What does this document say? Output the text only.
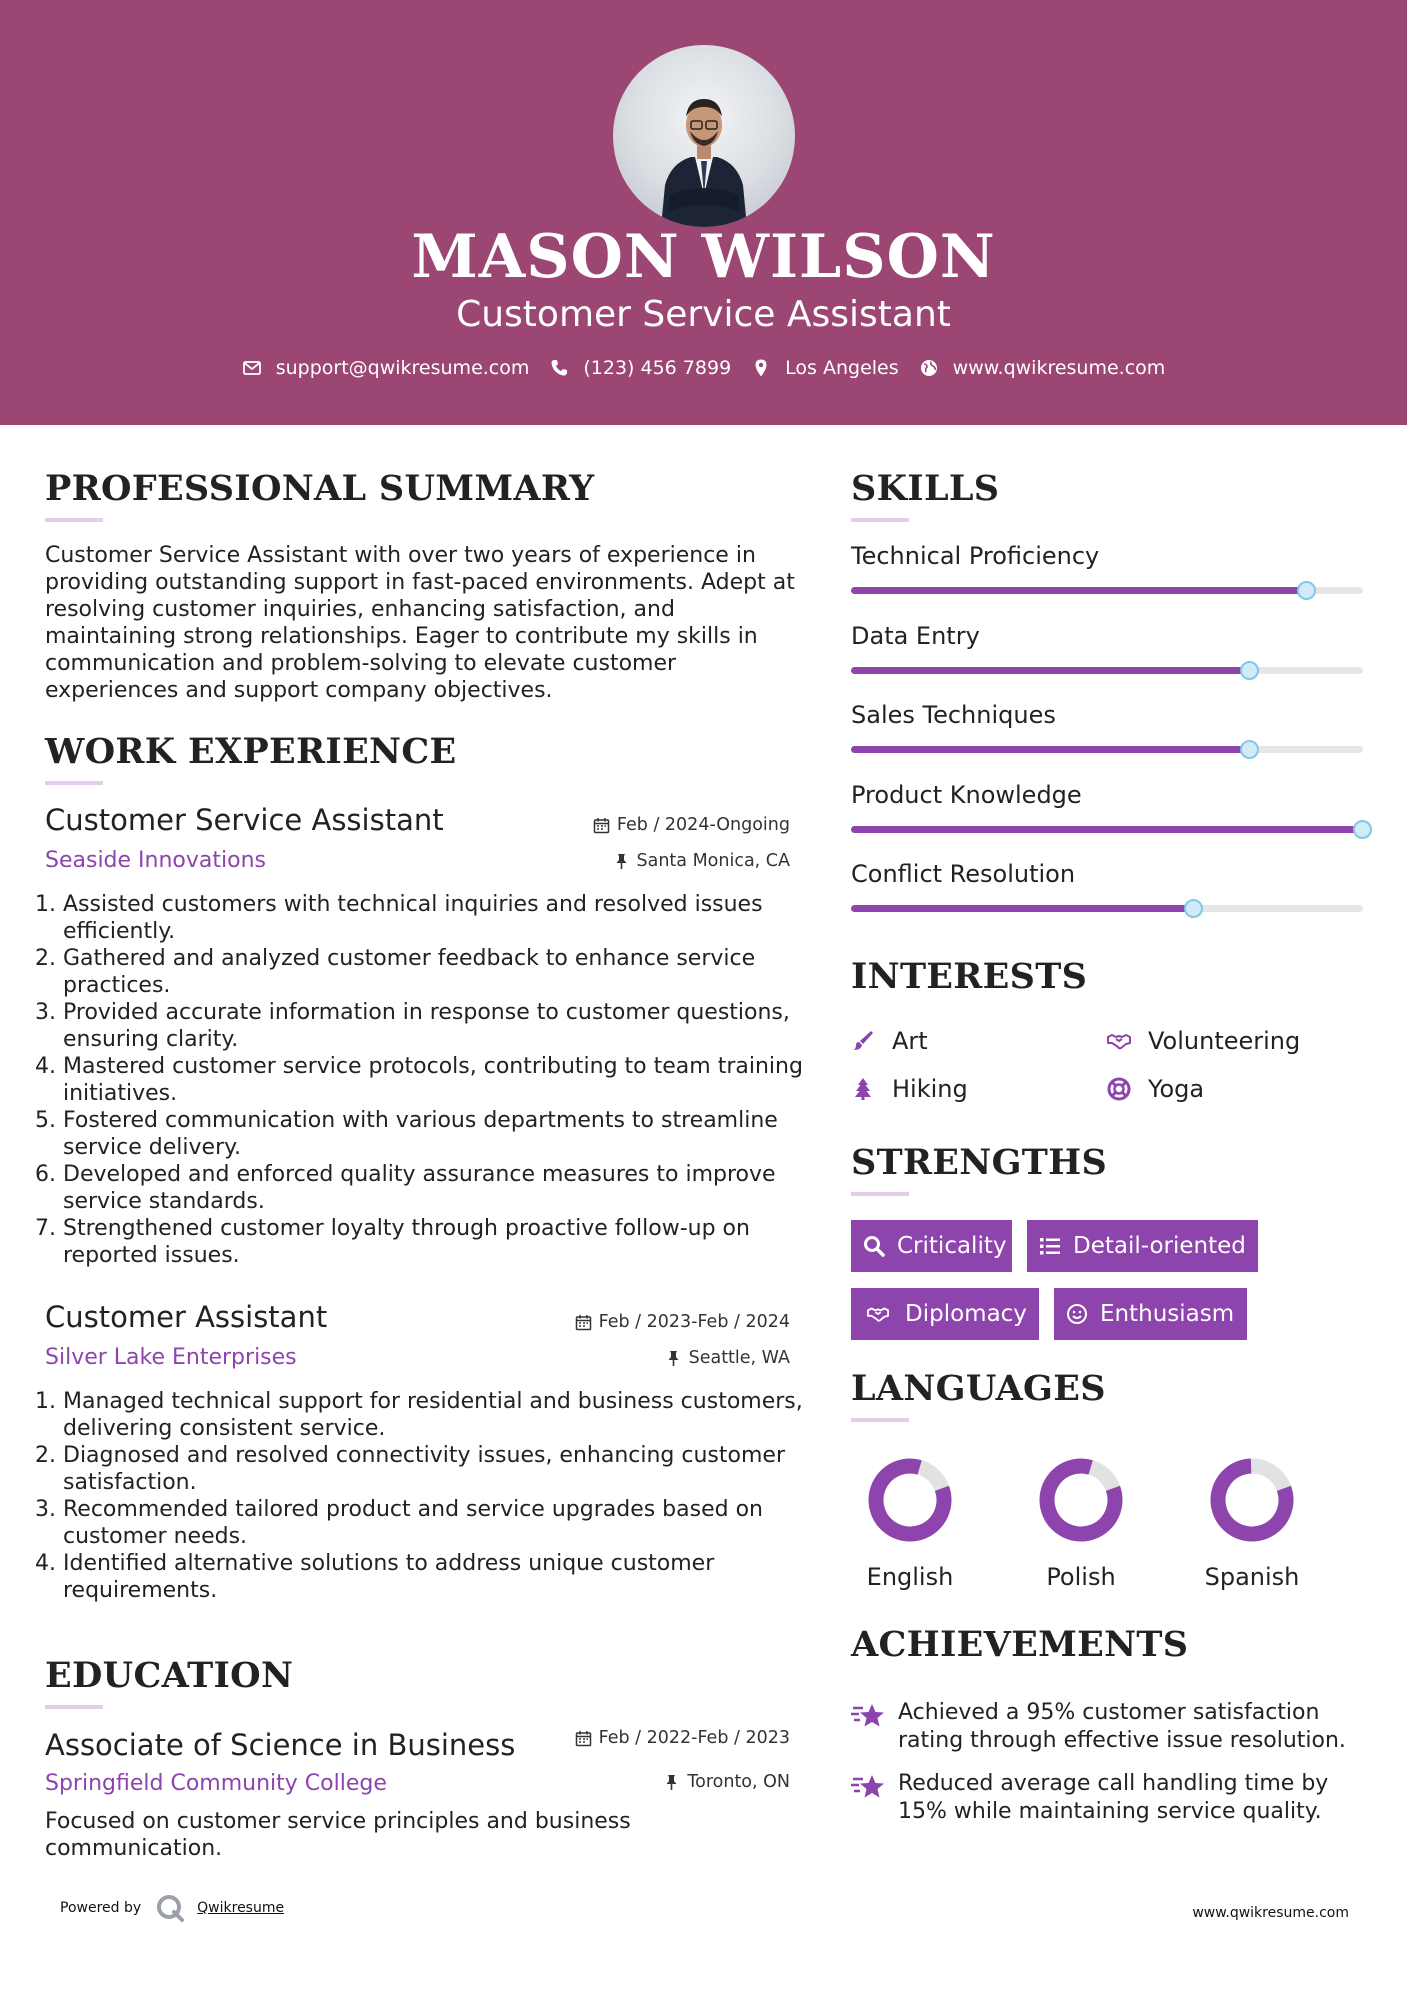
MASON WILSON
Customer Service Assistant
support@qwikresume.com	(123) 456 7899	Los Angeles	www.qwikresume.com
PROFESSIONAL SUMMARY
Customer Service Assistant with over two years of experience in providing outstanding support in fast-paced environments. Adept at resolving customer inquiries, enhancing satisfaction, and maintaining strong relationships. Eager to contribute my skills in communication and problem-solving to elevate customer experiences and support company objectives.
WORK EXPERIENCE
Customer Service Assistant	Feb / 2024-Ongoing
Seaside Innovations	Santa Monica, CA
1. Assisted customers with technical inquiries and resolved issues efficiently.
2. Gathered and analyzed customer feedback to enhance service practices.
3. Provided accurate information in response to customer questions, ensuring clarity.
4. Mastered customer service protocols, contributing to team training initiatives.
5. Fostered communication with various departments to streamline service delivery.
6. Developed and enforced quality assurance measures to improve service standards.
7. Strengthened customer loyalty through proactive follow-up on reported issues.
Customer Assistant	Feb / 2023-Feb / 2024
Silver Lake Enterprises	Seattle, WA
1. Managed technical support for residential and business customers, delivering consistent service.
2. Diagnosed and resolved connectivity issues, enhancing customer satisfaction.
3. Recommended tailored product and service upgrades based on customer needs.
4. Identified alternative solutions to address unique customer requirements.
EDUCATION
Associate of Science in Business	Feb / 2022-Feb / 2023
Springfield Community College	Toronto, ON
Focused on customer service principles and business communication.
SKILLS
Technical Proficiency
Data Entry
Sales Techniques
Product Knowledge
Conflict Resolution
INTERESTS
Art	Volunteering
Hiking	Yoga
STRENGTHS
Criticality	Detail-oriented
Diplomacy	Enthusiasm
LANGUAGES
English	Polish	Spanish
ACHIEVEMENTS
Achieved a 95% customer satisfaction rating through effective issue resolution.
Reduced average call handling time by 15% while maintaining service quality.
Powered by	Qwikresume	www.qwikresume.com
